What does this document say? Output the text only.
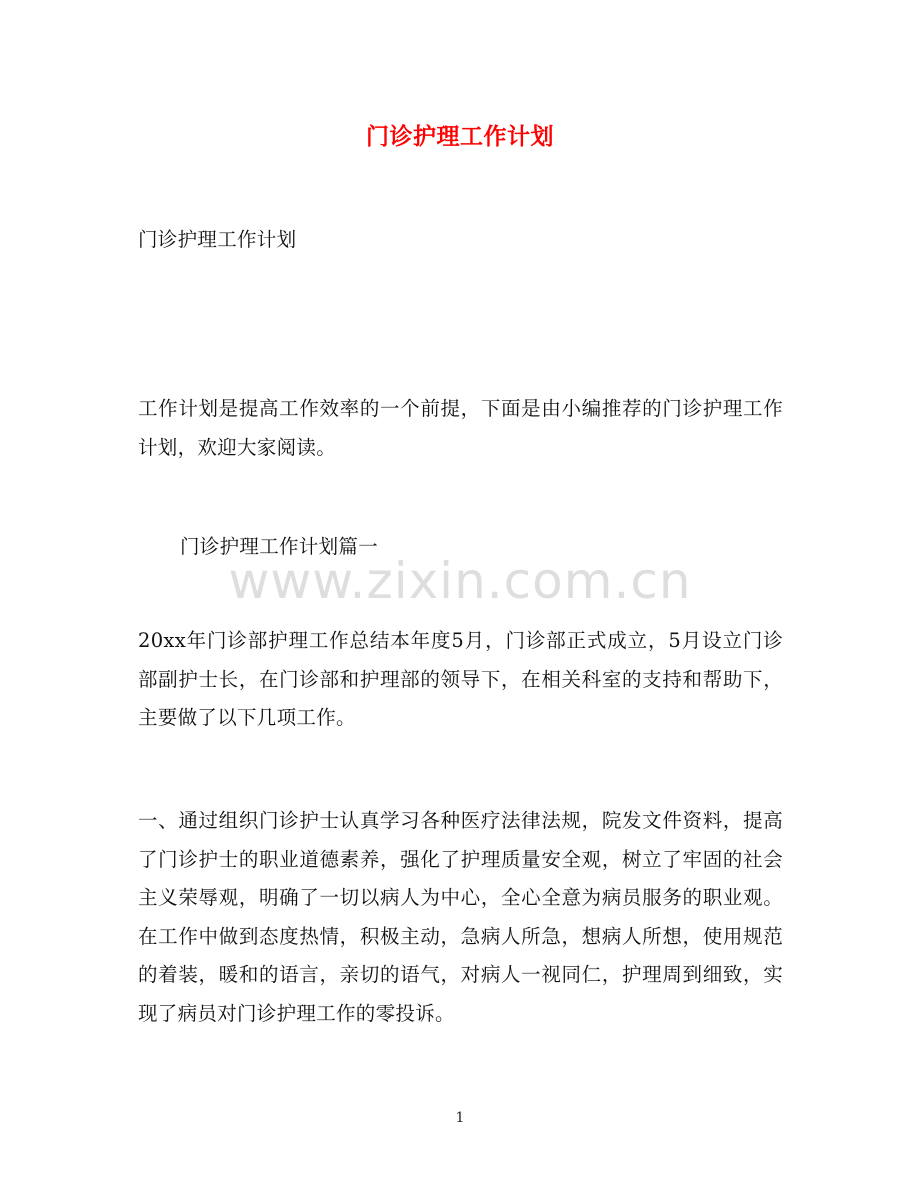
门诊护理工作计划
门诊护理工作计划
工作计划是提高工作效率的一个前提，下面是由小编推荐的门诊护理工作计划，欢迎大家阅读。
门诊护理工作计划篇一
20xx年门诊部护理工作总结本年度5月，门诊部正式成立，5月设立门诊部副护士长，在门诊部和护理部的领导下，在相关科室的支持和帮助下，主要做了以下几项工作。
一、通过组织门诊护士认真学习各种医疗法律法规，院发文件资料，提高了门诊护士的职业道德素养，强化了护理质量安全观，树立了牢固的社会主义荣辱观，明确了一切以病人为中心，全心全意为病员服务的职业观。在工作中做到态度热情，积极主动，急病人所急，想病人所想，使用规范的着装，暖和的语言，亲切的语气，对病人一视同仁，护理周到细致，实现了病员对门诊护理工作的零投诉。
www.zixin.com.cn
1
